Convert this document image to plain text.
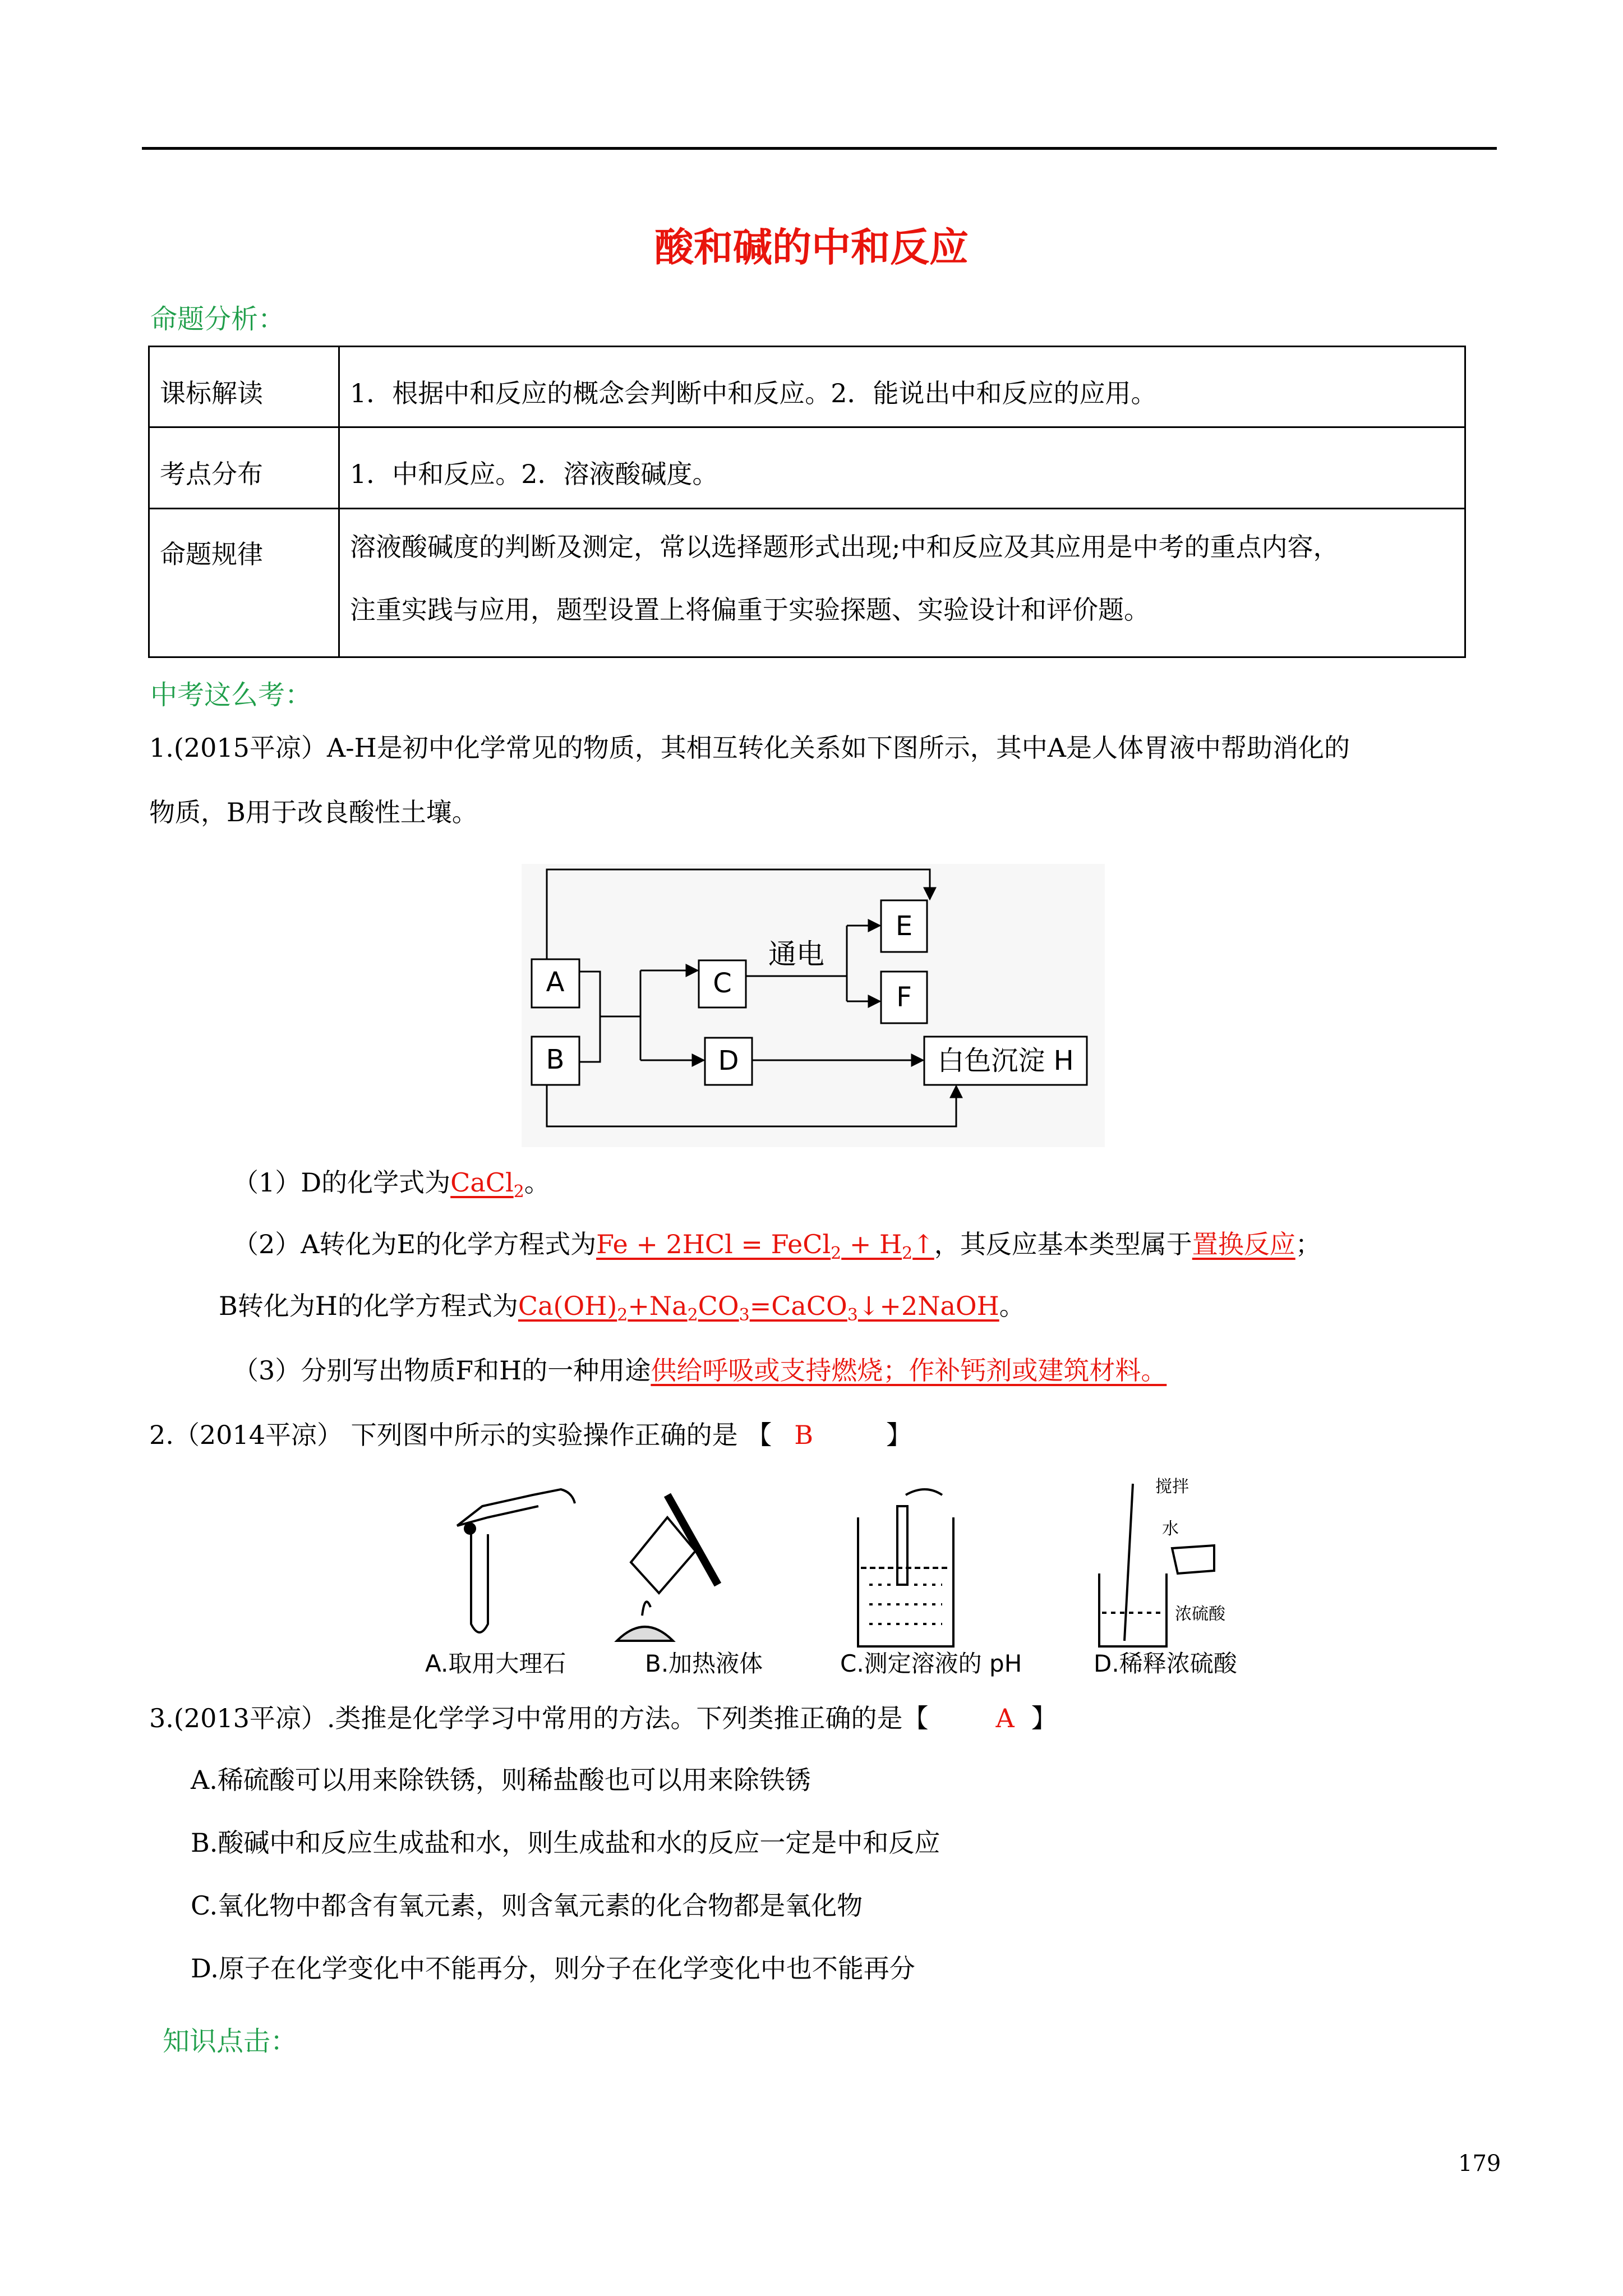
酸和碱的中和反应
命题分析：
课标解读	1．根据中和反应的概念会判断中和反应。2．能说出中和反应的应用。
考点分布	1．中和反应。2．溶液酸碱度。
命题规律	溶液酸碱度的判断及测定，常以选择题形式出现;中和反应及其应用是中考的重点内容，
注重实践与应用，题型设置上将偏重于实验探题、实验设计和评价题。
中考这么考：
1.(2015平凉）A-H是初中化学常见的物质，其相互转化关系如下图所示，其中A是人体胃液中帮助消化的
物质，B用于改良酸性土壤。
A
B
C
D
E
F
白色沉淀 H
通电
（1）D的化学式为CaCl$_2$。
（2）A转化为E的化学方程式为Fe + 2HCl = FeCl$_2$ + $H_2↑$，其反应基本类型属于置换反应；
B转化为H的化学方程式为$Ca(OH)_2+Na_2CO_3=CaCO_3↓+2NaOH$。
（3）分别写出物质F和H的一种用途供给呼吸或支持燃烧；作补钙剂或建筑材料。
2.（2014平凉） 下列图中所示的实验操作正确的是 【 B	】
搅拌
水
浓硫酸
A.取用大理石	B.加热液体	C.测定溶液的 pH	D.稀释浓硫酸
3.(2013平凉）.类推是化学学习中常用的方法。下列类推正确的是【	A 】
A.稀硫酸可以用来除铁锈，则稀盐酸也可以用来除铁锈
B.酸碱中和反应生成盐和水，则生成盐和水的反应一定是中和反应
C.氧化物中都含有氧元素，则含氧元素的化合物都是氧化物
D.原子在化学变化中不能再分，则分子在化学变化中也不能再分
知识点击：
179
